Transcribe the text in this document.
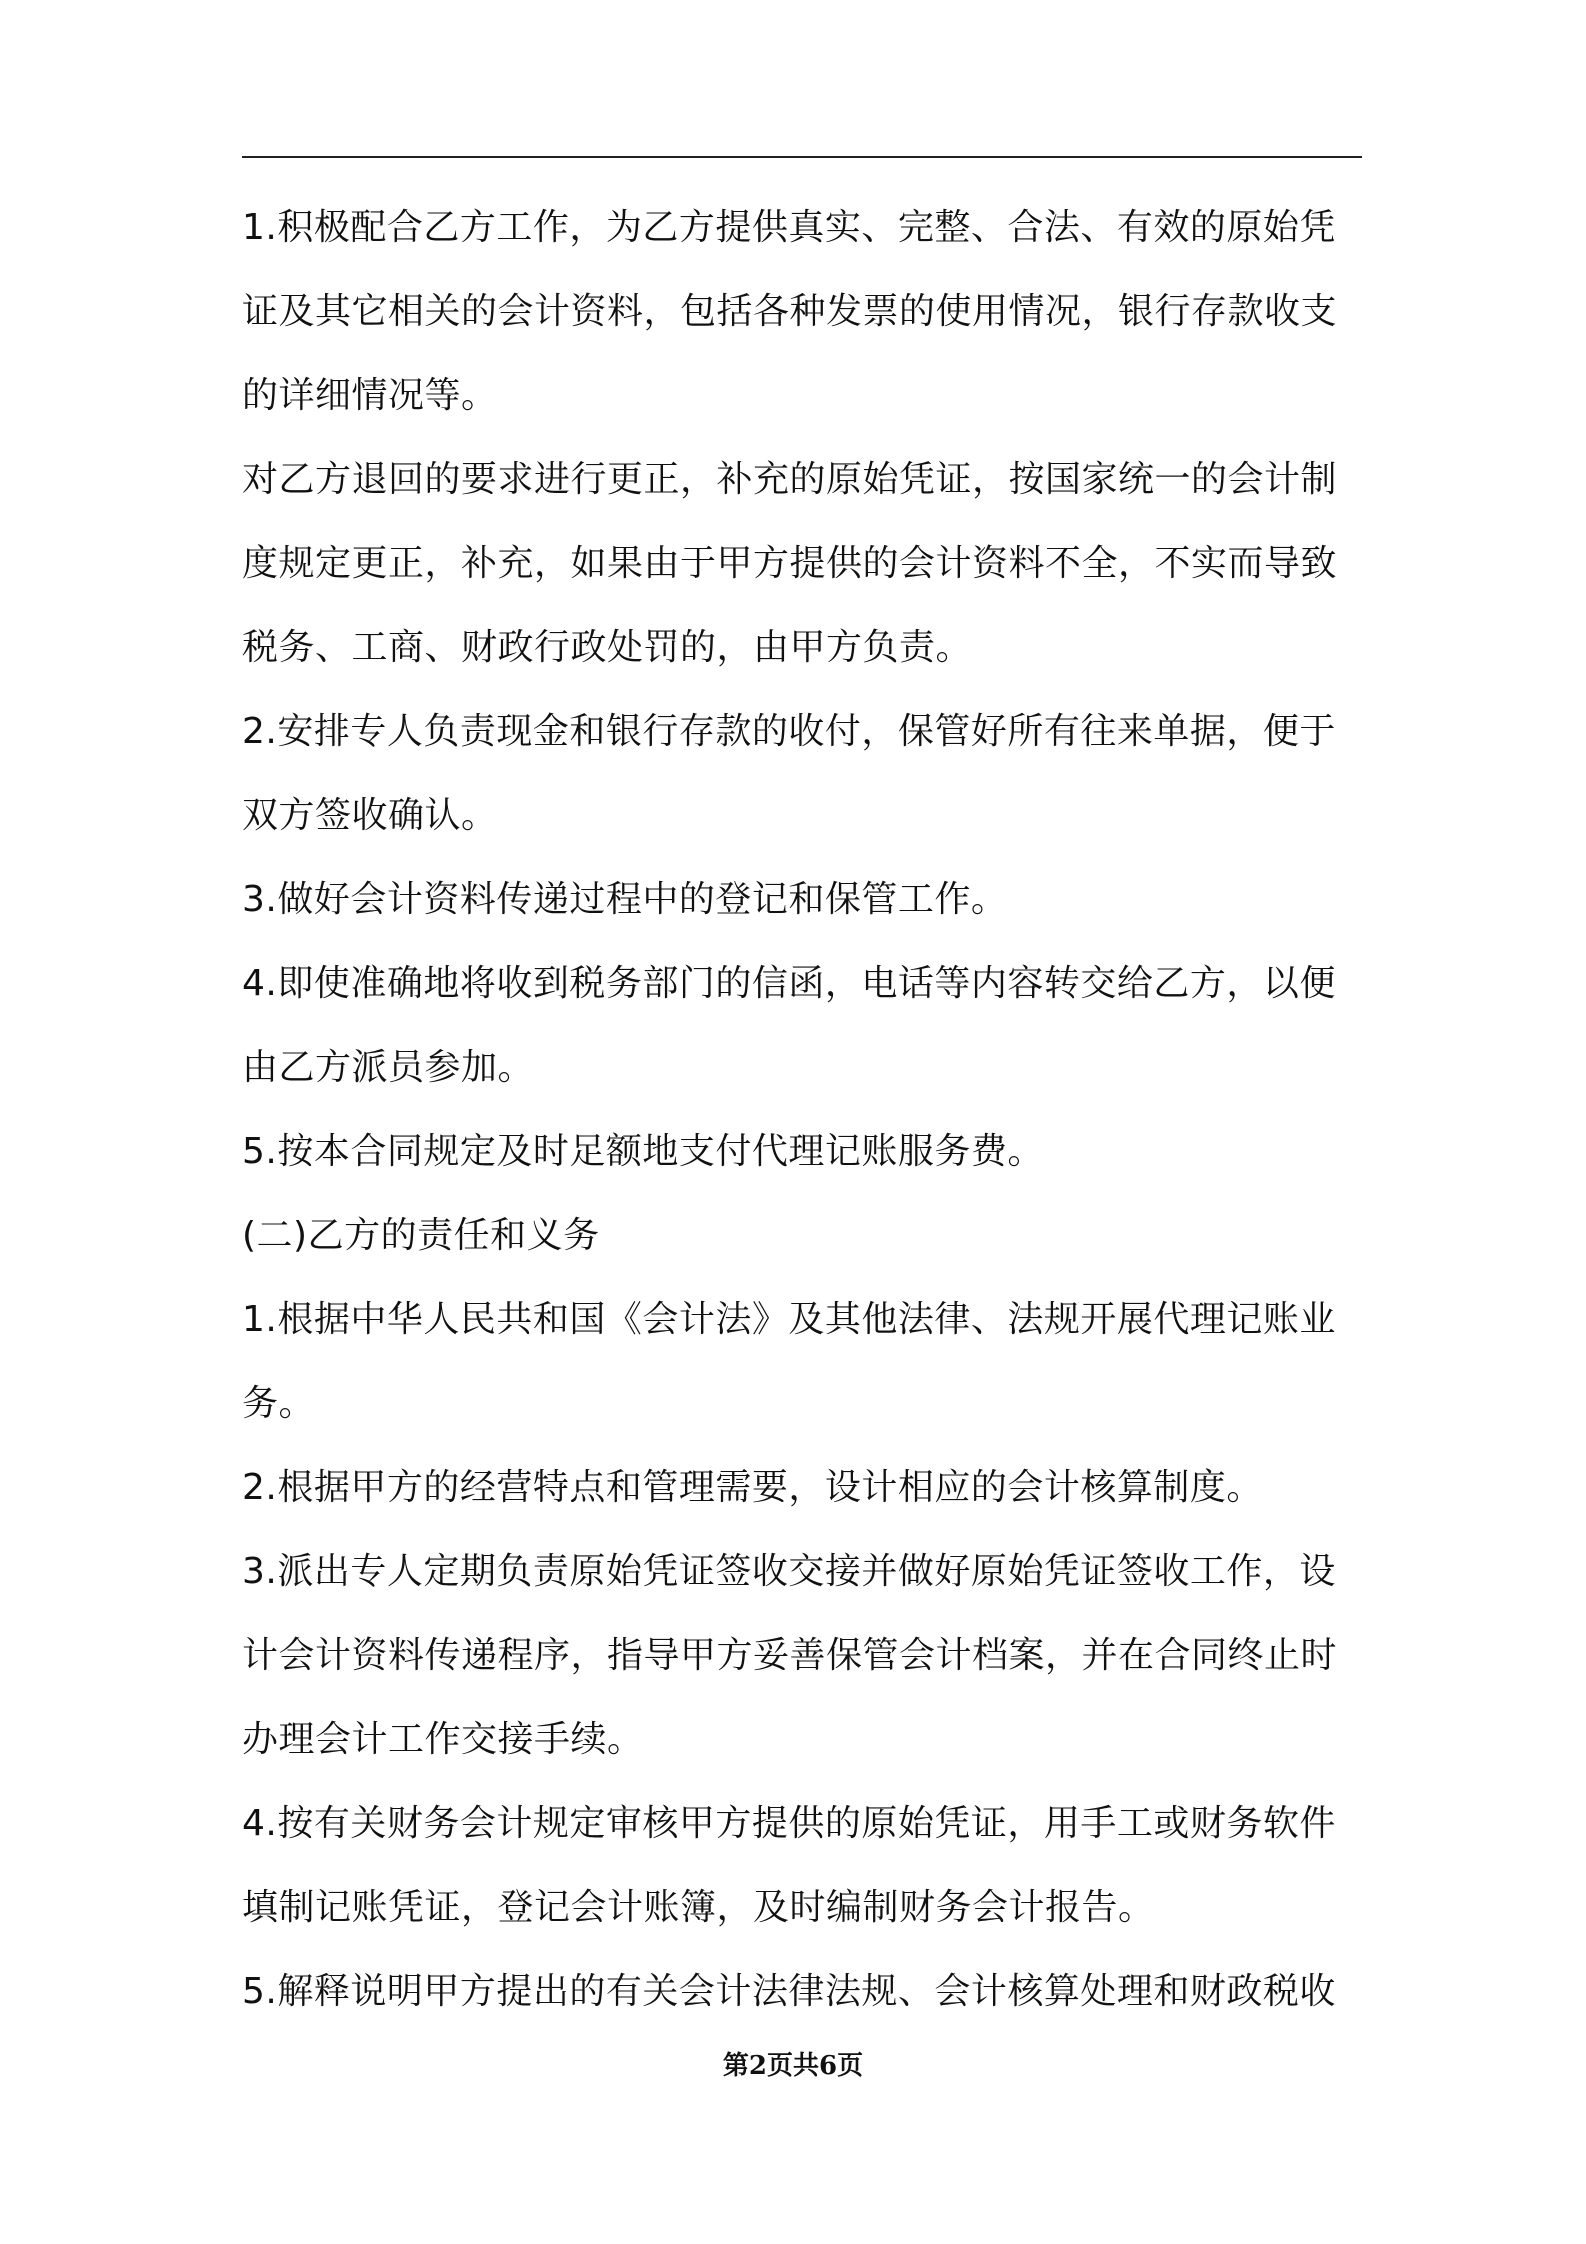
1.积极配合乙方工作，为乙方提供真实、完整、合法、有效的原始凭
证及其它相关的会计资料，包括各种发票的使用情况，银行存款收支
的详细情况等。
对乙方退回的要求进行更正，补充的原始凭证，按国家统一的会计制
度规定更正，补充，如果由于甲方提供的会计资料不全，不实而导致
税务、工商、财政行政处罚的，由甲方负责。
2.安排专人负责现金和银行存款的收付，保管好所有往来单据，便于
双方签收确认。
3.做好会计资料传递过程中的登记和保管工作。
4.即使准确地将收到税务部门的信函，电话等内容转交给乙方，以便
由乙方派员参加。
5.按本合同规定及时足额地支付代理记账服务费。
(二)乙方的责任和义务
1.根据中华人民共和国《会计法》及其他法律、法规开展代理记账业
务。
2.根据甲方的经营特点和管理需要，设计相应的会计核算制度。
3.派出专人定期负责原始凭证签收交接并做好原始凭证签收工作，设
计会计资料传递程序，指导甲方妥善保管会计档案，并在合同终止时
办理会计工作交接手续。
4.按有关财务会计规定审核甲方提供的原始凭证，用手工或财务软件
填制记账凭证，登记会计账簿，及时编制财务会计报告。
5.解释说明甲方提出的有关会计法律法规、会计核算处理和财政税收
第2页共6页
